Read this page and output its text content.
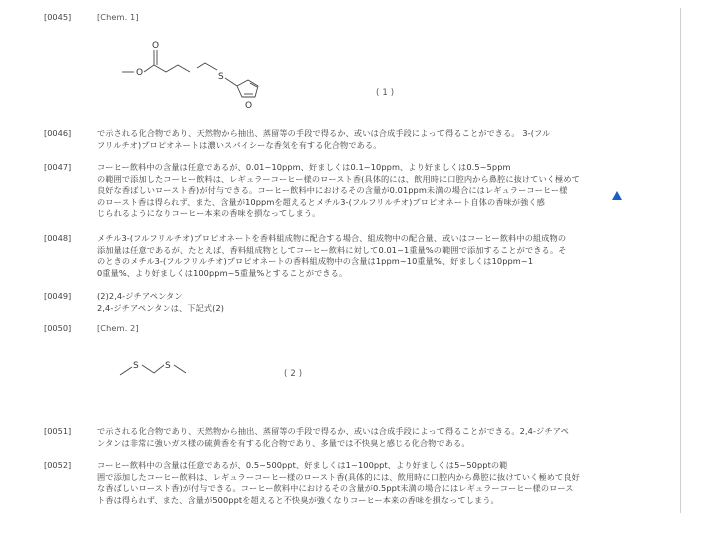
[0045]	[Chem. 1]
O
O
S
O
(1)
[0046]	で示される化合物であり、天然物から抽出、蒸留等の手段で得るか、或いは合成手段によって得ることができる。 3-(フル
フリルチオ)プロピオネートは濃いスパイシーな香気を有する化合物である。
[0047]	コーヒー飲料中の含量は任意であるが、0.01~10ppm、好ましくは0.1~10ppm、より好ましくは0.5~5ppm
の範囲で添加したコーヒー飲料は、レギュラーコーヒー様のロースト香(具体的には、飲用時に口腔内から鼻腔に抜けていく極めて
良好な香ばしいロースト香)が付与できる。コーヒー飲料中におけるその含量が0.01ppm未満の場合にはレギュラーコーヒー様
のロースト香は得られず、また、含量が10ppmを超えるとメチル3-(フルフリルチオ)プロピオネート自体の香味が強く感
じられるようになりコーヒー本来の香味を損なってしまう。
[0048]	メチル3-(フルフリルチオ)プロピオネートを香料組成物に配合する場合、組成物中の配合量、或いはコーヒー飲料中の組成物の
添加量は任意であるが、たとえば、香料組成物としてコーヒー飲料に対して0.01~1重量%の範囲で添加することができる。そ
のときのメチル3-(フルフリルチオ)プロピオネートの香料組成物中の含量は1ppm~10重量%、好ましくは10ppm~1
0重量%、より好ましくは100ppm~5重量%とすることができる。
[0049]	(2)2,4-ジチアペンタン
2,4-ジチアペンタンは、下記式(2)
[0050]	[Chem. 2]
S	S
(2)
[0051]	で示される化合物であり、天然物から抽出、蒸留等の手段で得るか、或いは合成手段によって得ることができる。2,4-ジチアペ
ンタンは非常に強いガス様の硫黄香を有する化合物であり、多量では不快臭と感じる化合物である。
[0052]	コーヒー飲料中の含量は任意であるが、0.5~500ppt、好ましくは1~100ppt、より好ましくは5~50pptの範
囲で添加したコーヒー飲料は、レギュラーコーヒー様のロースト香(具体的には、飲用時に口腔内から鼻腔に抜けていく極めて良好
な香ばしいロースト香)が付与できる。コーヒー飲料中におけるその含量が0.5ppt未満の場合にはレギュラーコーヒー様のロース
ト香は得られず、また、含量が500pptを超えると不快臭が強くなりコーヒー本来の香味を損なってしまう。
